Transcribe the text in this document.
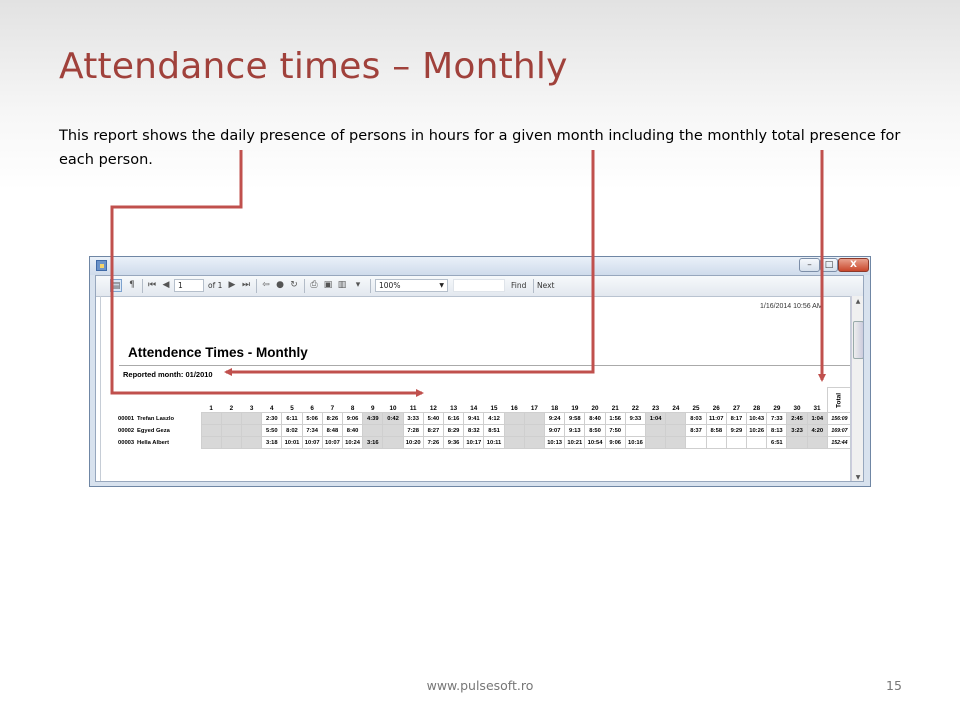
Attendance times – Monthly

This report shows the daily presence of persons in hours for a given month including the monthly total presence for each person.

–	□	X
▤ ¶	⏮ ◀	1	of 1 ▶ ⏭ ⇦ ● ↻ ⎙ ▣ ▥	▾	100%	▼	Find Next
1/16/2014 10:56 AM
Attendence Times - Monthly
Reported month: 01/2010
		1	2	3	4	5	6	7	8	9	10	11	12	13	14	15	16	17	18	19	20	21	22	23	24	25	26	27	28	29	30	31	Total
00001	Trefan Laszlo				2:30	6:11	5:06	8:26	9:06	4:39	0:42	3:33	5:40	6:16	9:41	4:12			9:24	9:58	8:40	1:56	9:33	1:04		8:03	11:07	8:17	10:43	7:33	2:45	1:04	156:09
00002	Egyed Geza				5:50	8:02	7:34	8:48	8:40			7:28	8:27	8:29	8:32	8:51			9:07	9:13	8:50	7:50				8:37	8:58	9:29	10:26	8:13	3:23	4:20	169:07
00003	Hella Albert				3:18	10:01	10:07	10:07	10:24	3:16		10:20	7:26	9:36	10:17	10:11			10:13	10:21	10:54	9:06	10:16							6:51			152:44
▲
▼
www.pulsesoft.ro	15
